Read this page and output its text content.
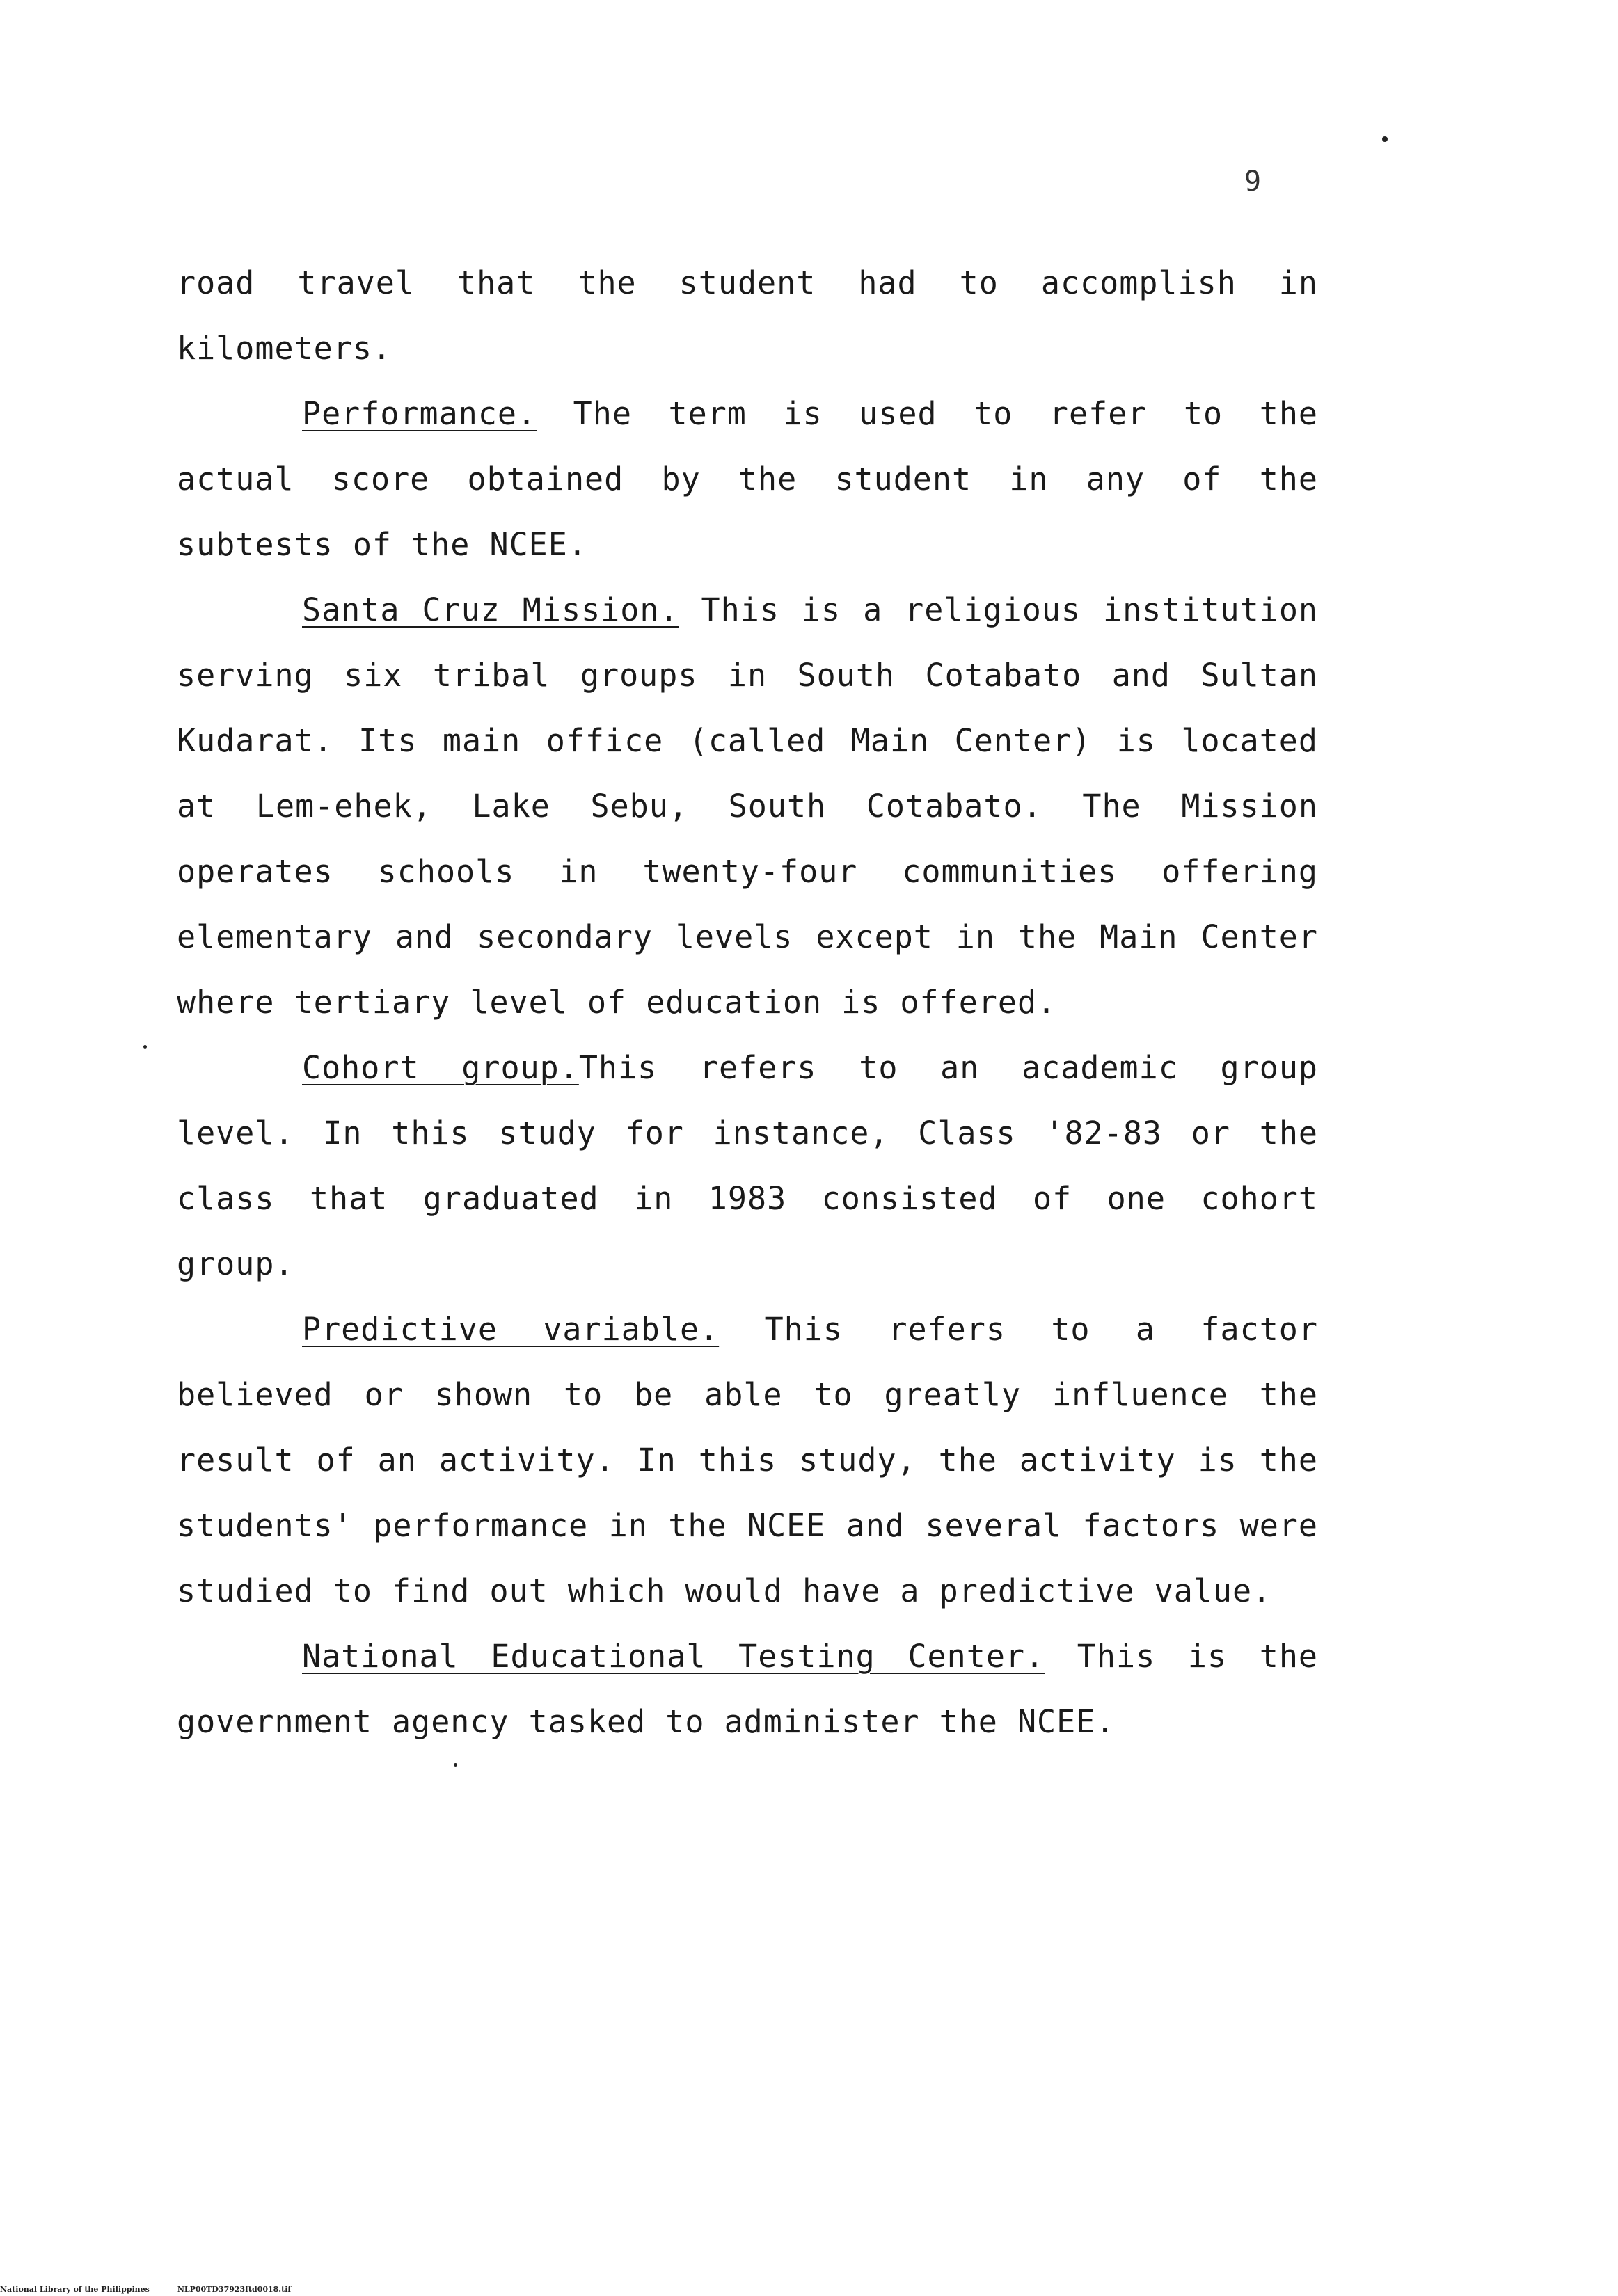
9

road travel that the student had to accomplish in kilometers.

Performance. The term is used to refer to the actual score obtained by the student in any of the subtests of the NCEE.

Santa Cruz Mission. This is a religious institution serving six tribal groups in South Cotabato and Sultan Kudarat. Its main office (called Main Center) is located at Lem-ehek, Lake Sebu, South Cotabato. The Mission operates schools in twenty-four communities offering elementary and secondary levels except in the Main Center where tertiary level of education is offered.

Cohort group.This refers to an academic group level. In this study for instance, Class '82-83 or the class that graduated in 1983 consisted of one cohort group.

Predictive variable. This refers to a factor believed or shown to be able to greatly influence the result of an activity. In this study, the activity is the students' performance in the NCEE and several factors were studied to find out which would have a predictive value.

National Educational Testing Center. This is the government agency tasked to administer the NCEE.

National Library of the Philippines	NLP00TD37923ftd0018.tif
